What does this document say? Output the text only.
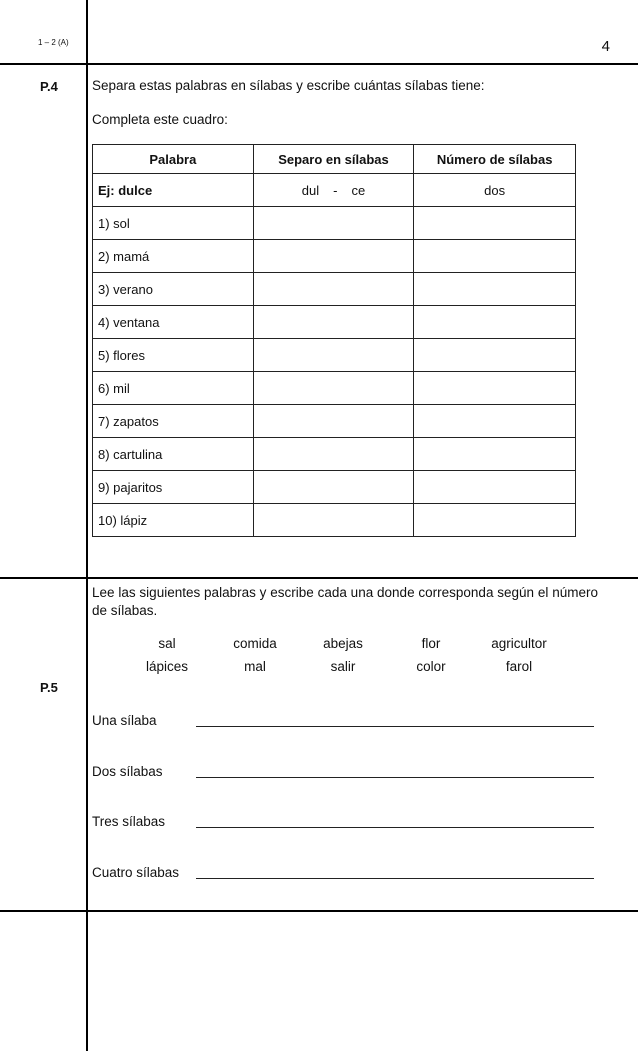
1 – 2 (A)	4
P.4	Separa estas palabras en sílabas y escribe cuántas sílabas tiene:
Completa este cuadro:
Palabra	Separo en sílabas	Número de sílabas
Ej: dulce	dul - ce	dos
1) sol		
2) mamá		
3) verano		
4) ventana		
5) flores		
6) mil		
7) zapatos		
8) cartulina		
9) pajaritos		
10) lápiz		
P.5
Lee las siguientes palabras y escribe cada una donde corresponda según el número de sílabas.
sal	comida	abejas	flor	agricultor
lápices	mal	salir	color	farol
Una sílaba
Dos sílabas
Tres sílabas
Cuatro sílabas
